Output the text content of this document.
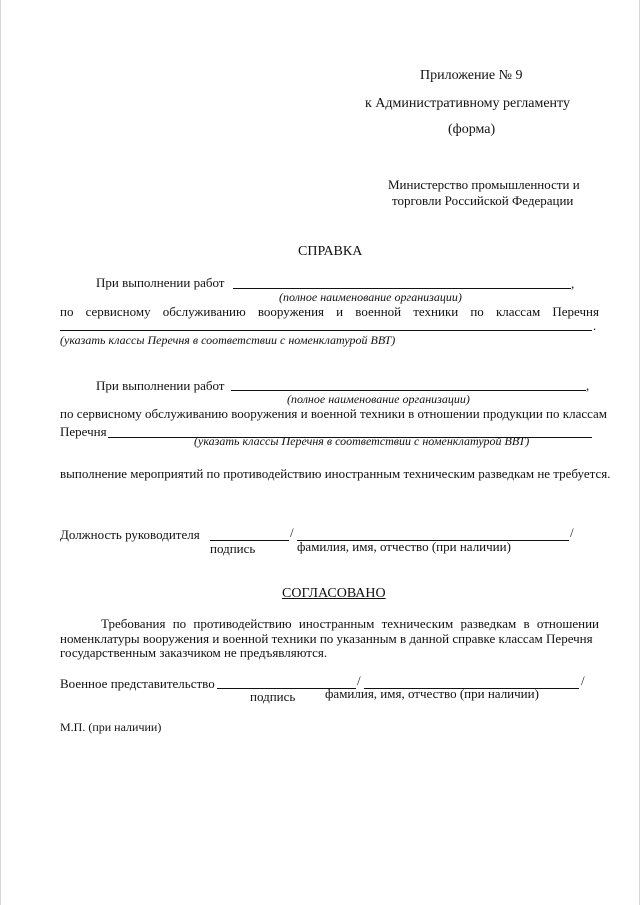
Приложение № 9
к Административному регламенту
(форма)
Министерство промышленности и
торговли Российской Федерации
СПРАВКА
При выполнении работ	,
(полное наименование организации)
по сервисному обслуживанию вооружения и военной техники по классам Перечня
.
(указать классы Перечня в соответствии с номенклатурой ВВТ)
При выполнении работ	,
(полное наименование организации)
по сервисному обслуживанию вооружения и военной техники в отношении продукции по классам
Перечня
(указать классы Перечня в соответствии с номенклатурой ВВТ)
выполнение мероприятий по противодействию иностранным техническим разведкам не требуется.
Должность руководителя	/	/
подпись	фамилия, имя, отчество (при наличии)
СОГЛАСОВАНО
Требования по противодействию иностранным техническим разведкам в отношении
номенклатуры вооружения и военной техники по указанным в данной справке классам Перечня
государственным заказчиком не предъявляются.
Военное представительство	/	/
подпись фамилия, имя, отчество (при наличии)
М.П. (при наличии)
